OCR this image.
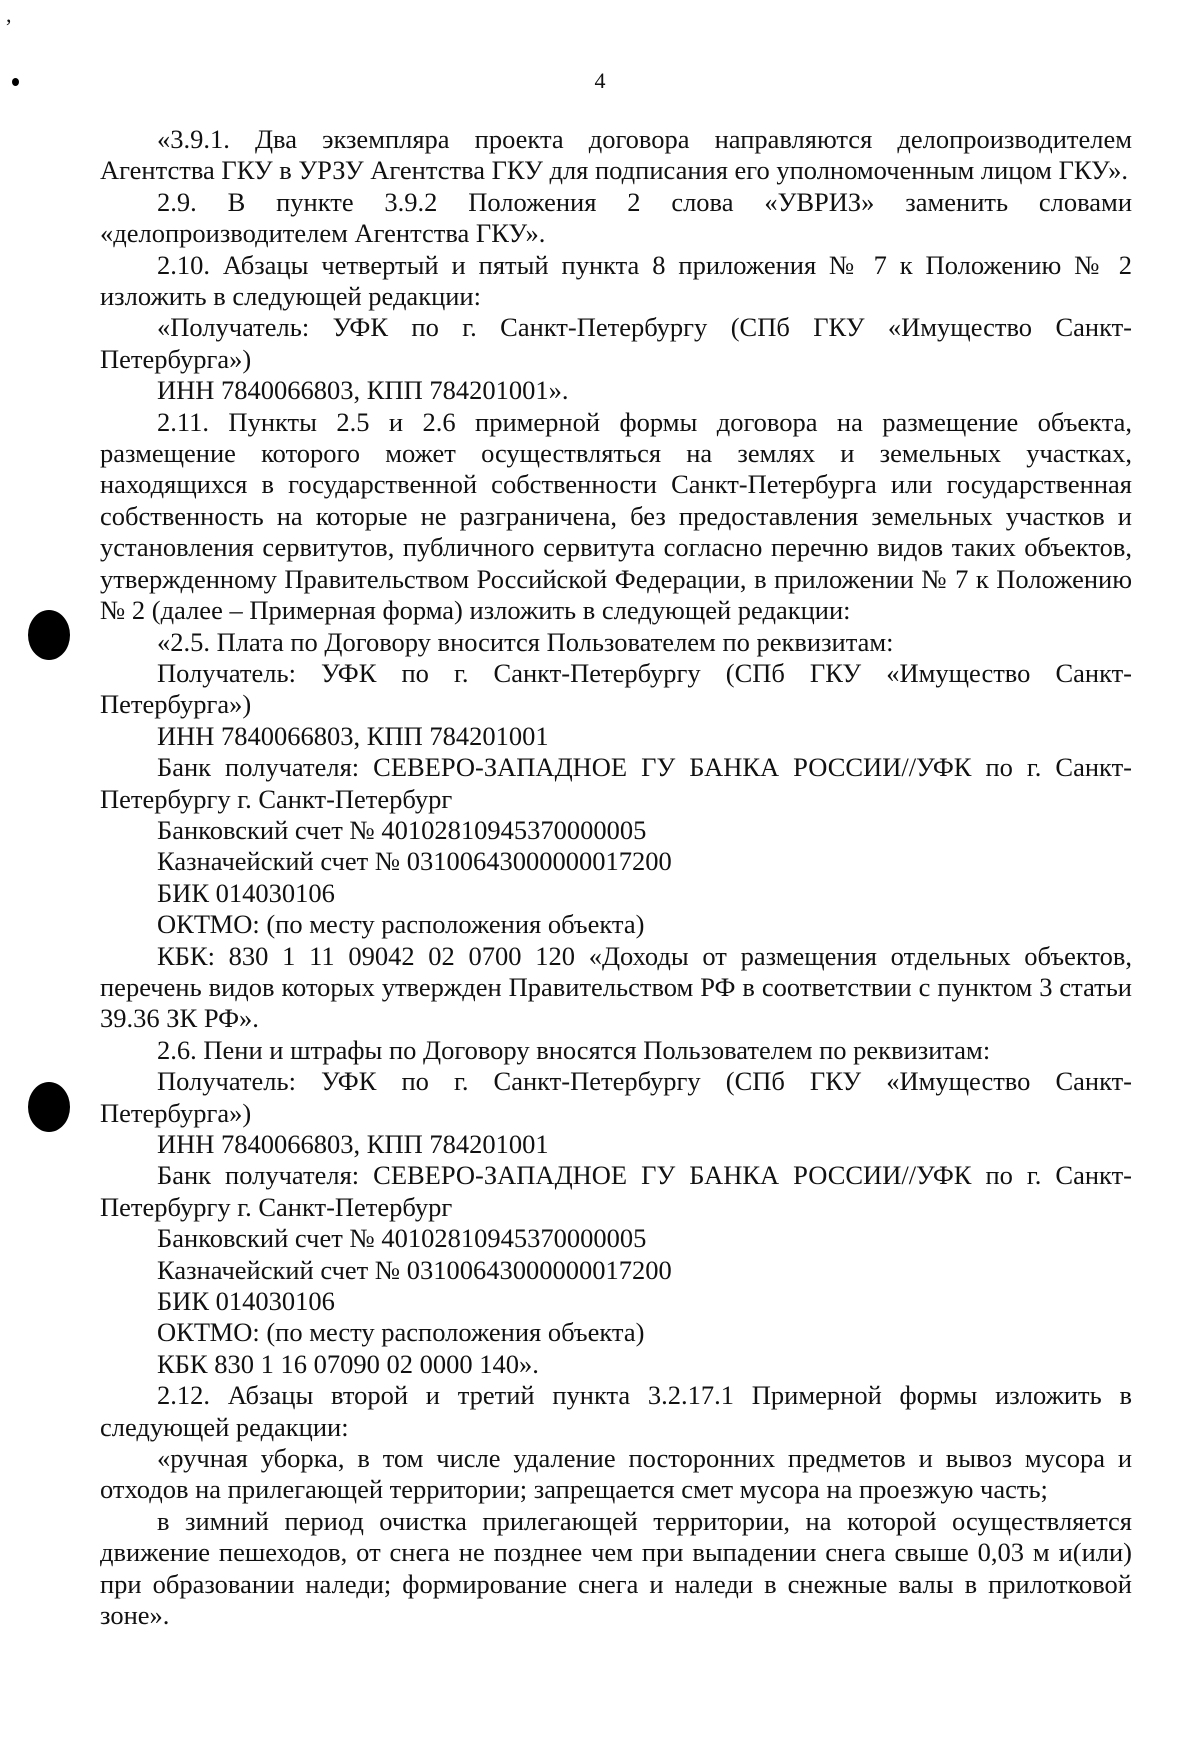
,
4

«3.9.1. Два экземпляра проекта договора направляются делопроизводителем Агентства ГКУ в УРЗУ Агентства ГКУ для подписания его уполномоченным лицом ГКУ».

2.9. В пункте 3.9.2 Положения 2 слова «УВРИЗ» заменить словами «делопроизводителем Агентства ГКУ».

2.10. Абзацы четвертый и пятый пункта 8 приложения № 7 к Положению № 2 изложить в следующей редакции:

«Получатель: УФК по г. Санкт-Петербургу (СПб ГКУ «Имущество Санкт-Петербурга»)

ИНН 7840066803, КПП 784201001».

2.11. Пункты 2.5 и 2.6 примерной формы договора на размещение объекта, размещение которого может осуществляться на землях и земельных участках, находящихся в государственной собственности Санкт-Петербурга или государственная собственность на которые не разграничена, без предоставления земельных участков и установления сервитутов, публичного сервитута согласно перечню видов таких объектов, утвержденному Правительством Российской Федерации, в приложении № 7 к Положению № 2 (далее – Примерная форма) изложить в следующей редакции:

«2.5. Плата по Договору вносится Пользователем по реквизитам:

Получатель: УФК по г. Санкт-Петербургу (СПб ГКУ «Имущество Санкт-Петербурга»)

ИНН 7840066803, КПП 784201001

Банк получателя: СЕВЕРО-ЗАПАДНОЕ ГУ БАНКА РОССИИ//УФК по г. Санкт-Петербургу г. Санкт-Петербург

Банковский счет № 40102810945370000005

Казначейский счет № 03100643000000017200

БИК 014030106

ОКТМО: (по месту расположения объекта)

КБК: 830 1 11 09042 02 0700 120 «Доходы от размещения отдельных объектов, перечень видов которых утвержден Правительством РФ в соответствии с пунктом 3 статьи 39.36 ЗК РФ».

2.6. Пени и штрафы по Договору вносятся Пользователем по реквизитам:

Получатель: УФК по г. Санкт-Петербургу (СПб ГКУ «Имущество Санкт-Петербурга»)

ИНН 7840066803, КПП 784201001

Банк получателя: СЕВЕРО-ЗАПАДНОЕ ГУ БАНКА РОССИИ//УФК по г. Санкт-Петербургу г. Санкт-Петербург

Банковский счет № 40102810945370000005

Казначейский счет № 03100643000000017200

БИК 014030106

ОКТМО: (по месту расположения объекта)

КБК 830 1 16 07090 02 0000 140».

2.12. Абзацы второй и третий пункта 3.2.17.1 Примерной формы изложить в следующей редакции:

«ручная уборка, в том числе удаление посторонних предметов и вывоз мусора и отходов на прилегающей территории; запрещается смет мусора на проезжую часть;

в зимний период очистка прилегающей территории, на которой осуществляется движение пешеходов, от снега не позднее чем при выпадении снега свыше 0,03 м и(или) при образовании наледи; формирование снега и наледи в снежные валы в прилотковой зоне».
